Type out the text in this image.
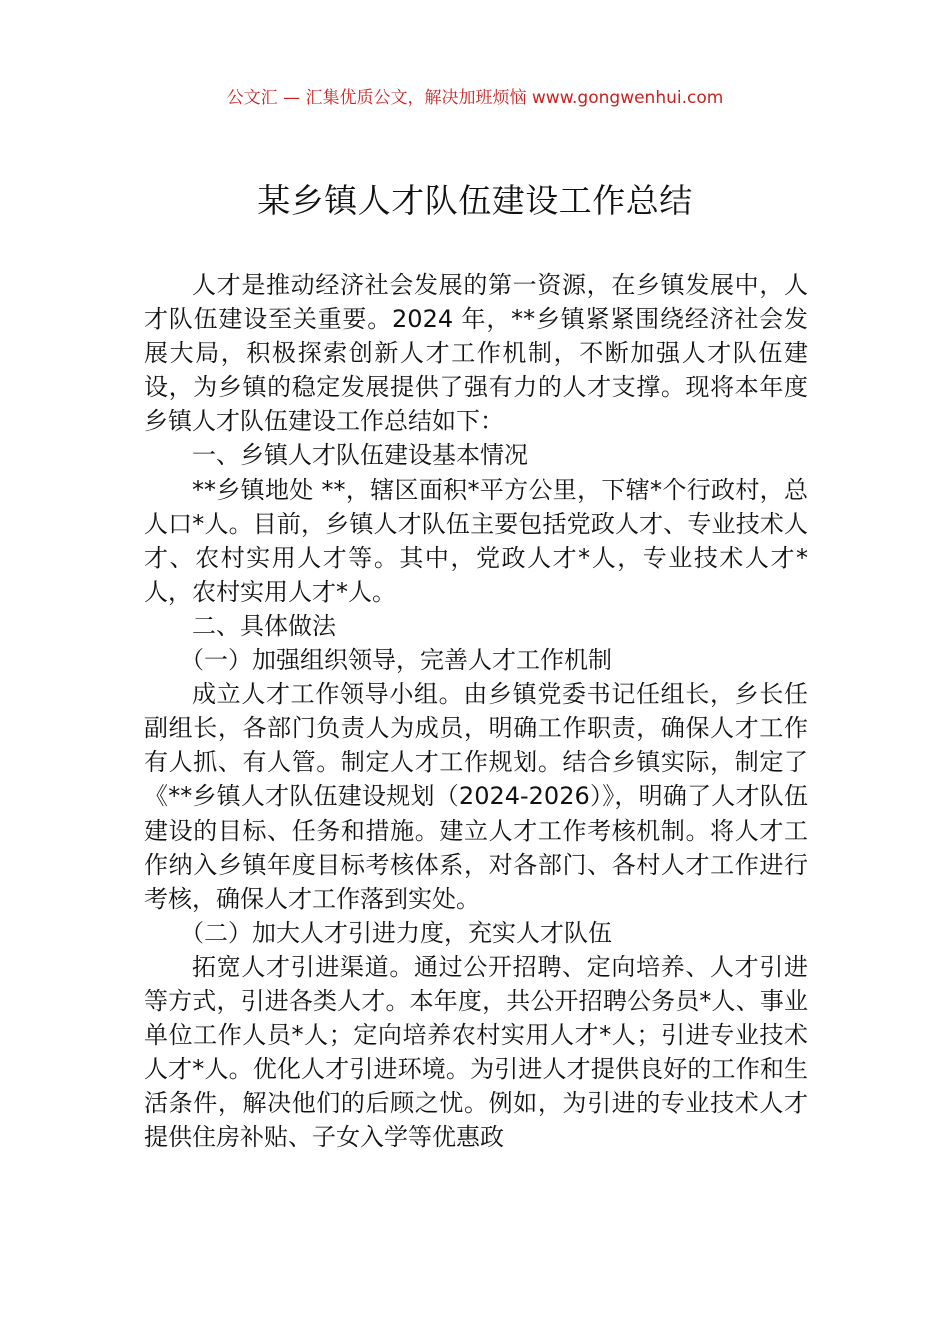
公文汇 — 汇集优质公文，解决加班烦恼 www.gongwenhui.com
某乡镇人才队伍建设工作总结

人才是推动经济社会发展的第一资源，在乡镇发展中，人才队伍建设至关重要。2024 年，**乡镇紧紧围绕经济社会发展大局，积极探索创新人才工作机制，不断加强人才队伍建设，为乡镇的稳定发展提供了强有力的人才支撑。现将本年度乡镇人才队伍建设工作总结如下：

一、乡镇人才队伍建设基本情况

**乡镇地处 **，辖区面积*平方公里，下辖*个行政村，总人口*人。目前，乡镇人才队伍主要包括党政人才、专业技术人才、农村实用人才等。其中，党政人才*人，专业技术人才*人，农村实用人才*人。

二、具体做法

（一）加强组织领导，完善人才工作机制

成立人才工作领导小组。由乡镇党委书记任组长，乡长任副组长，各部门负责人为成员，明确工作职责，确保人才工作有人抓、有人管。制定人才工作规划。结合乡镇实际，制定了《**乡镇人才队伍建设规划（2024-2026）》，明确了人才队伍建设的目标、任务和措施。建立人才工作考核机制。将人才工作纳入乡镇年度目标考核体系，对各部门、各村人才工作进行考核，确保人才工作落到实处。

（二）加大人才引进力度，充实人才队伍

拓宽人才引进渠道。通过公开招聘、定向培养、人才引进等方式，引进各类人才。本年度，共公开招聘公务员*人、事业单位工作人员*人；定向培养农村实用人才*人；引进专业技术人才*人。优化人才引进环境。为引进人才提供良好的工作和生活条件，解决他们的后顾之忧。例如，为引进的专业技术人才提供住房补贴、子女入学等优惠政
